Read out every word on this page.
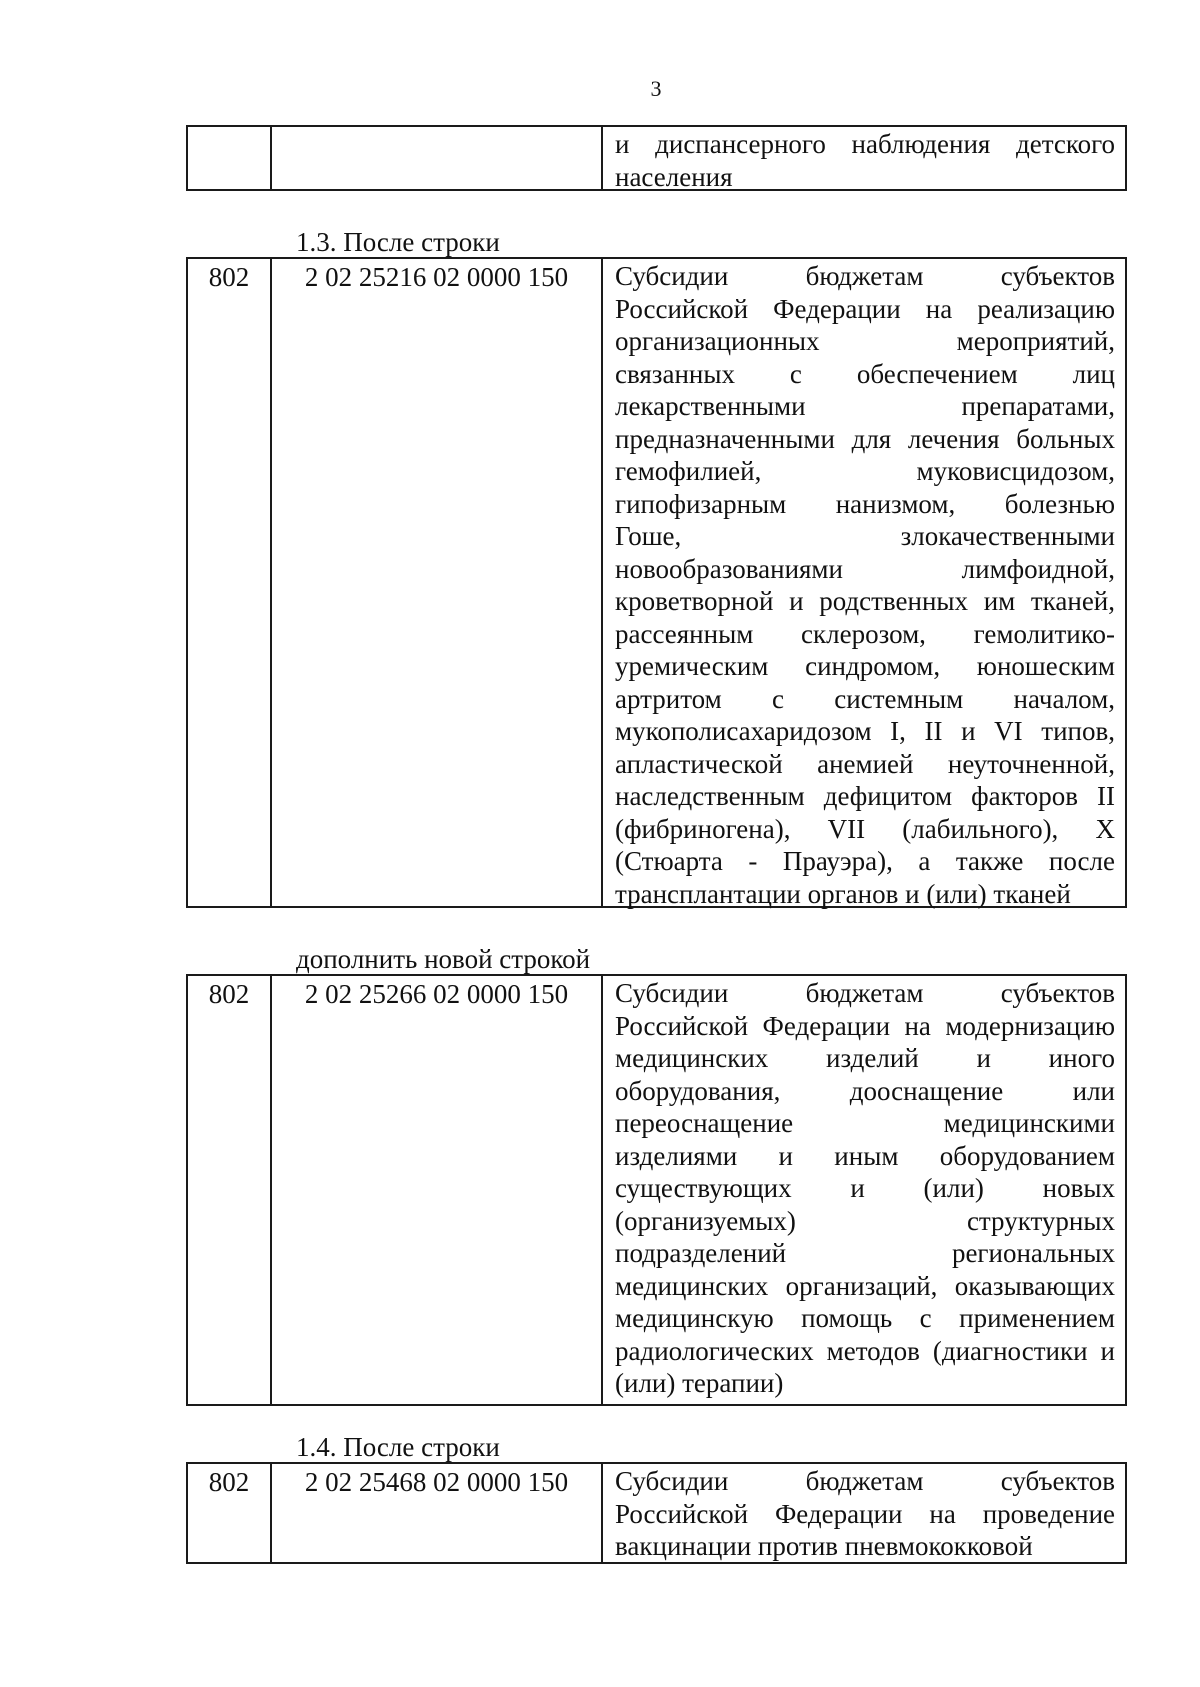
3
и диспансерного наблюдения детского
населения
1.3. После строки
802	2 02 25216 02 0000 150	Субсидии бюджетам субъектов
Российской Федерации на реализацию
организационных мероприятий,
связанных с обеспечением лиц
лекарственными препаратами,
предназначенными для лечения больных
гемофилией, муковисцидозом,
гипофизарным нанизмом, болезнью
Гоше, злокачественными
новообразованиями лимфоидной,
кроветворной и родственных им тканей,
рассеянным склерозом, гемолитико-
уремическим синдромом, юношеским
артритом с системным началом,
мукополисахаридозом I, II и VI типов,
апластической анемией неуточненной,
наследственным дефицитом факторов II
(фибриногена), VII (лабильного), X
(Стюарта - Прауэра), а также после
трансплантации органов и (или) тканей
дополнить новой строкой
802	2 02 25266 02 0000 150	Субсидии бюджетам субъектов
Российской Федерации на модернизацию
медицинских изделий и иного
оборудования, дооснащение или
переоснащение медицинскими
изделиями и иным оборудованием
существующих и (или) новых
(организуемых) структурных
подразделений региональных
медицинских организаций, оказывающих
медицинскую помощь с применением
радиологических методов (диагностики и
(или) терапии)
1.4. После строки
802	2 02 25468 02 0000 150	Субсидии бюджетам субъектов
Российской Федерации на проведение
вакцинации против пневмококковой
